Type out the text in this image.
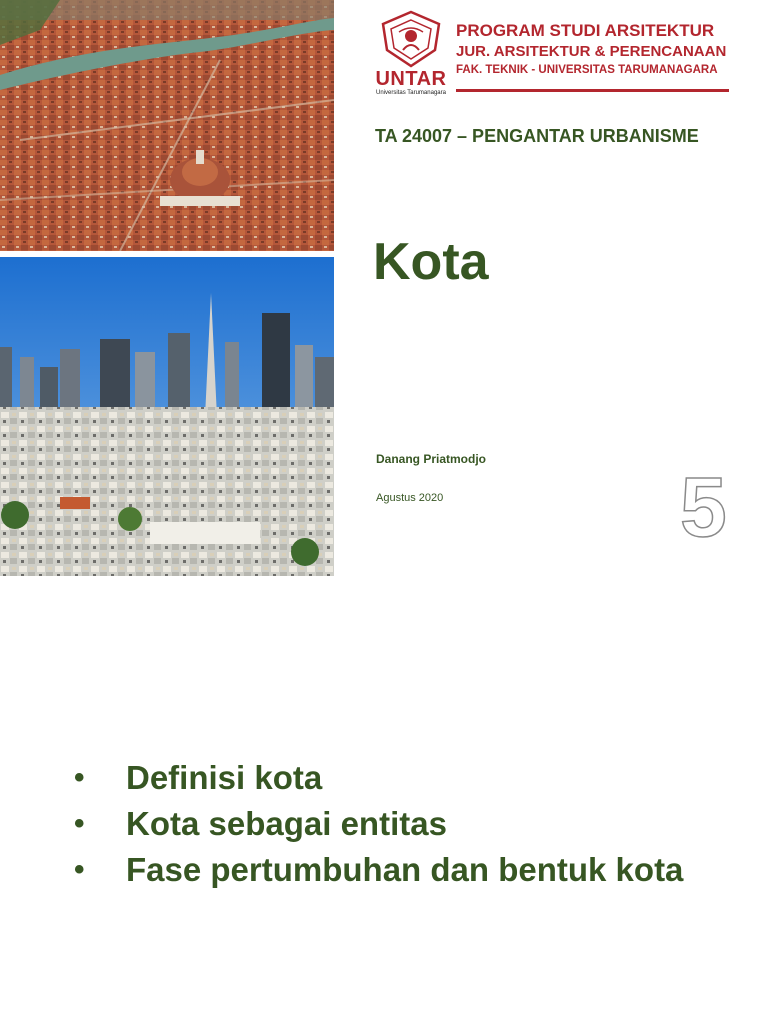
UNTAR
Universitas Tarumanagara
PROGRAM STUDI ARSITEKTUR
JUR. ARSITEKTUR & PERENCANAAN
FAK. TEKNIK - UNIVERSITAS TARUMANAGARA
TA 24007 – PENGANTAR URBANISME
Kota
Danang Priatmodjo
Agustus 2020	5
• Definisi kota
• Kota sebagai entitas
• Fase pertumbuhan dan bentuk kota
